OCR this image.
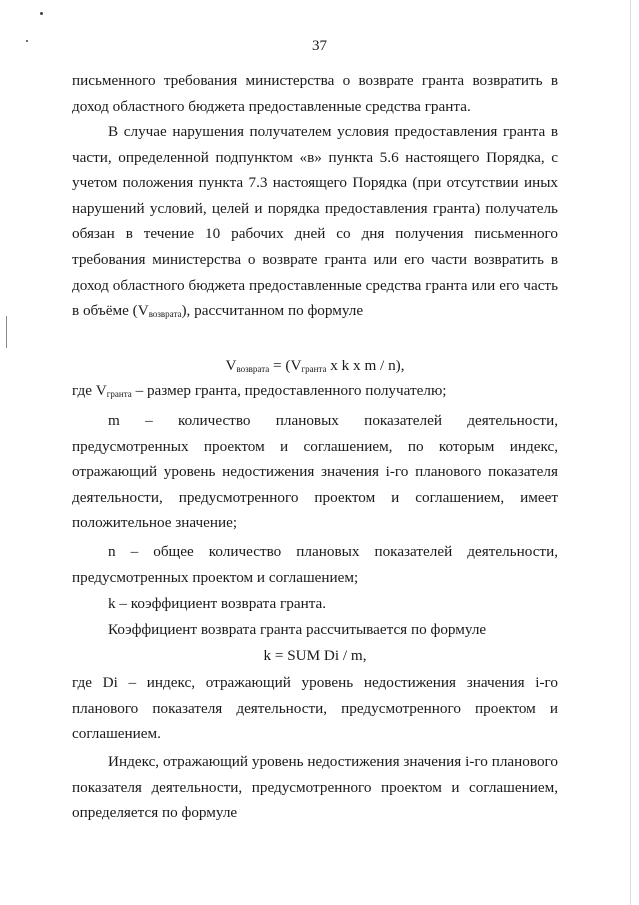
37

письменного требования министерства о возврате гранта возвратить в доход областного бюджета предоставленные средства гранта.

В случае нарушения получателем условия предоставления гранта в части, определенной подпунктом «в» пункта 5.6 настоящего Порядка, с учетом положения пункта 7.3 настоящего Порядка (при отсутствии иных нарушений условий, целей и порядка предоставления гранта) получатель обязан в течение 10 рабочих дней со дня получения письменного требования министерства о возврате гранта или его части возвратить в доход областного бюджета предоставленные средства гранта или его часть в объёме $(V_{возврата})$, рассчитанном по формуле

$V_{возврата} = (V_{гранта}$ x k x m / n),

где $V_{гранта}$ – размер гранта, предоставленного получателю;

m – количество плановых показателей деятельности, предусмотренных проектом и соглашением, по которым индекс, отражающий уровень недостижения значения i-го планового показателя деятельности, предусмотренного проектом и соглашением, имеет положительное значение;

n – общее количество плановых показателей деятельности, предусмотренных проектом и соглашением;

k – коэффициент возврата гранта.

Коэффициент возврата гранта рассчитывается по формуле

k = SUM Di / m,

где Di – индекс, отражающий уровень недостижения значения i-го планового показателя деятельности, предусмотренного проектом и соглашением.

Индекс, отражающий уровень недостижения значения i-го планового показателя деятельности, предусмотренного проектом и соглашением, определяется по формуле
